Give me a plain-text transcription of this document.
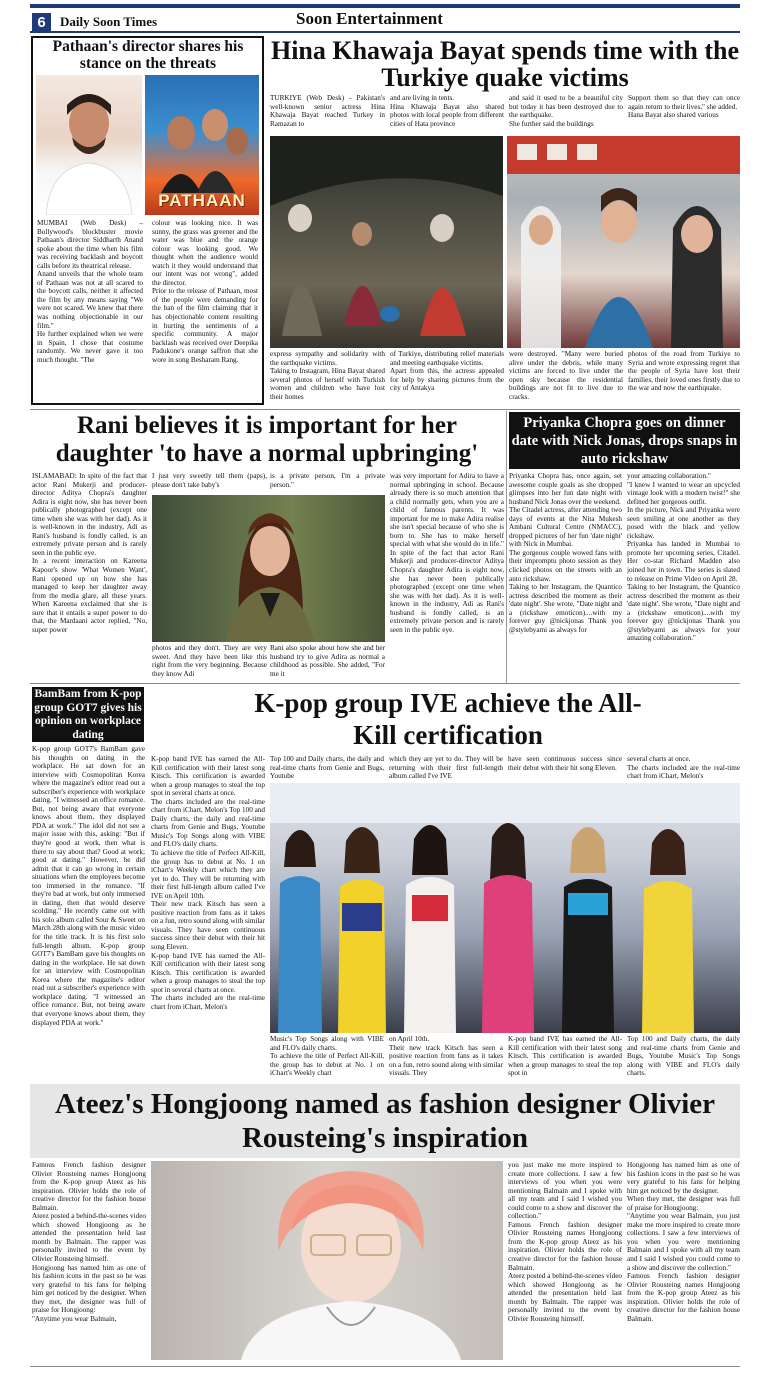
6	Daily Soon Times	Soon Entertainment
Pathaan's director shares his stance on the threats
PATHAAN
MUMBAI (Web Desk) – Bollywood's blockbuster movie Pathaan's director Siddharth Anand spoke about the time when his film was receiving backlash and boycott calls before its theatrical release.
Anand unveils that the whole team of Pathaan was not at all scared to the boycott calls, neither it affected the film by any means saying "We were not scared. We knew that there was nothing objectionable in our film."
He further explained when we were in Spain, I chose that costume randomly. We never gave it too much thought. "The
colour was looking nice. It was sunny, the grass was greener and the water was blue and the orange colour was looking good. We thought when the audience would watch it they would understand that our intent was not wrong", added the director.
Prior to the release of Pathaan, most of the people were demanding for the ban of the film claiming that it has objectionable content resulting in hurting the sentiments of a specific community. A major backlash was received over Deepika Padukone's orange saffron that she wore in song Besharam Rang.
Hina Khawaja Bayat spends time with the Turkiye quake victims
TURKIYE (Web Desk) - Pakistan's well-known senior actress Hina Khawaja Bayat reached Turkey in Ramazan to
and are living in tents.
Hina Khawaja Bayat also shared photos with local people from different cities of Hata province
and said it used to be a beautiful city but today it has been destroyed due to the earthquake.
She further said the buildings
Support them so that they can once again return to their lives," she added.
Hana Bayat also shared various
express sympathy and solidarity with the earthquake victims.
Taking to Instagram, Hina Bayat shared several photos of herself with Turkish women and children who have lost their homes
of Turkiye, distributing relief materials and meeting earthquake victims.
Apart from this, the actress appealed for help by sharing pictures from the city of Antakya
were destroyed. "Many were buried alive under the debris, while many victims are forced to live under the open sky because the residential buildings are not fit to live due to cracks.
photos of the road from Turkiye to Syria and wrote expressing regret that the people of Syria have lost their families, their loved ones firstly due to the war and now the earthquake.
Rani believes it is important for her daughter 'to have a normal upbringing'
ISLAMABAD: In spite of the fact that actor Rani Mukerji and producer-director Aditya Chopra's daughter Adira is eight now, she has never been publically photographed (except one time when she was with her dad). As it is well-known in the industry, Adi as Rani's husband is fondly called, is an extremely private person and is rarely seen in the public eye.
In a recent interaction on Kareena Kapoor's show 'What Women Want', Rani opened up on how she has managed to keep her daughter away from the media glare, all these years. When Kareena exclaimed that she is sure that it entails a super power to do that, the Mardaani actor replied, "No, super power
I just very sweetly tell them (paps), please don't take baby's
is a private person, I'm a private person."
photos and they don't. They are very sweet. And they have been like this right from the very beginning. Because they know Adi
Rani also spoke about how she and her husband try to give Adira as normal a childhood as possible. She added, "For me it
was very important for Adira to have a normal upbringing in school. Because already there is so much attention that a child normally gets, when you are a child of famous parents. It was important for me to make Adira realise she isn't special because of who she is born to. She has to make herself special with what she would do in life."
In spite of the fact that actor Rani Mukerji and producer-director Aditya Chopra's daughter Adira is eight now, she has never been publically photographed (except one time when she was with her dad). As it is well-known in the industry, Adi as Rani's husband is fondly called, is an extremely private person and is rarely seen in the public eye.
Priyanka Chopra goes on dinner date with Nick Jonas, drops snaps in auto rickshaw
Priyanka Chopra has, once again, set awesome couple goals as she dropped glimpses into her fun date night with husband Nick Jonas over the weekend.
The Citadel actress, after attending two days of events at the Nita Mukesh Ambani Cultural Centre (NMACC), dropped pictures of her fun 'date night' with Nick in Mumbai.
The gorgeous couple wowed fans with their impromptu photo session as they clicked photos on the streets with an auto rickshaw.
Taking to her Instagram, the Quantico actress described the moment as their 'date night'. She wrote, "Date night and a (rickshaw emoticon)....with my forever guy @nickjonas Thank you @stylebyami as always for
your amazing collaboration."
"I knew I wanted to wear an upcycled vintage look with a modern twist!" she defined her gorgeous outfit.
In the picture, Nick and Priyanka were seen smiling at one another as they posed with the black and yellow rickshaw.
Priyanka has landed in Mumbai to promote her upcoming series, Citadel. Her co-star Richard Madden also joined her in town. The series is slated to release on Prime Video on April 28.
Taking to her Instagram, the Quantico actress described the moment as their 'date night'. She wrote, "Date night and a (rickshaw emoticon)....with my forever guy @nickjonas Thank you @stylebyami as always for your amazing collaboration."
BamBam from K-pop group GOT7 gives his opinion on workplace dating
K-pop group GOT7's BamBam gave his thoughts on dating in the workplace. He sat down for an interview with Cosmopolitan Korea where the magazine's editor read out a subscriber's experience with workplace dating. "I witnessed an office romance. But, not being aware that everyone knows about them, they displayed PDA at work." The idol did not see a major issue with this, asking: "But if they're good at work, then what is there to say about that? Good at work; good at dating." However, he did admit that it can go wrong in certain situations when the employees become too immersed in the romance. "If they're bad at work, but only immersed in dating, then that would deserve scolding." He recently came out with his solo album called Sour & Sweet on March 28th along with the music video for the title track. It is his first solo full-length album. K-pop group GOT7's BamBam gave his thoughts on dating in the workplace. He sat down for an interview with Cosmopolitan Korea where the magazine's editor read out a subscriber's experience with workplace dating. "I witnessed an office romance. But, not being aware that everyone knows about them, they displayed PDA at work."
K-pop group IVE achieve the All-Kill certification
K-pop band IVE has earned the All-Kill certification with their latest song Kitsch. This certification is awarded when a group manages to steal the top spot in several charts at once.
The charts included are the real-time chart from iChart, Melon's Top 100 and Daily charts, the daily and real-time charts from Genie and Bugs, Youtube Music's Top Songs along with VIBE and FLO's daily charts.
To achieve the title of Perfect All-Kill, the group has to debut at No. 1 on iChart's Weekly chart which they are yet to do. They will be returning with their first full-length album called I've IVE on April 10th.
Their new track Kitsch has seen a positive reaction from fans as it takes on a fun, retro sound along with similar visuals. They have seen continuous success since their debut with their hit song Eleven.
K-pop band IVE has earned the All-Kill certification with their latest song Kitsch. This certification is awarded when a group manages to steal the top spot in several charts at once.
The charts included are the real-time chart from iChart, Melon's
Top 100 and Daily charts, the daily and real-time charts from Genie and Bugs, Youtube
which they are yet to do. They will be returning with their first full-length album called I've IVE
have seen continuous success since their debut with their hit song Eleven.
several charts at once.
The charts included are the real-time chart from iChart, Melon's
Music's Top Songs along with VIBE and FLO's daily charts.
To achieve the title of Perfect All-Kill, the group has to debut at No. 1 on iChart's Weekly chart
on April 10th.
Their new track Kitsch has seen a positive reaction from fans as it takes on a fun, retro sound along with similar visuals. They
K-pop band IVE has earned the All-Kill certification with their latest song Kitsch. This certification is awarded when a group manages to steal the top spot in
Top 100 and Daily charts, the daily and real-time charts from Genie and Bugs, Youtube Music's Top Songs along with VIBE and FLO's daily charts.
Ateez's Hongjoong named as fashion designer Olivier Rousteing's inspiration
Famous French fashion designer Olivier Rousteing names Hongjoong from the K-pop group Ateez as his inspiration. Olivier holds the role of creative director for the fashion house Balmain.
Ateez posted a behind-the-scenes video which showed Hongjoong as he attended the presentation held last month by Balmain. The rapper was personally invited to the event by Olivier Rousteing himself.
Hongjoong has named him as one of his fashion icons in the past so he was very grateful to his fans for helping him get noticed by the designer. When they met, the designer was full of praise for Hongjoong:
"Anytime you wear Balmain,
you just make me more inspired to create more collections. I saw a few interviews of you when you were mentioning Balmain and I spoke with all my team and I said I wished you could come to a show and discover the collection."
Famous French fashion designer Olivier Rousteing names Hongjoong from the K-pop group Ateez as his inspiration. Olivier holds the role of creative director for the fashion house Balmain.
Ateez posted a behind-the-scenes video which showed Hongjoong as he attended the presentation held last month by Balmain. The rapper was personally invited to the event by Olivier Rousteing himself.
Hongjoong has named him as one of his fashion icons in the past so he was very grateful to his fans for helping him get noticed by the designer.
When they met, the designer was full of praise for Hongjoong:
"Anytime you wear Balmain, you just make me more inspired to create more collections. I saw a few interviews of you when you were mentioning Balmain and I spoke with all my team and I said I wished you could come to a show and discover the collection."
Famous French fashion designer Olivier Rousteing names Hongjoong from the K-pop group Ateez as his inspiration. Olivier holds the role of creative director for the fashion house Balmain.
